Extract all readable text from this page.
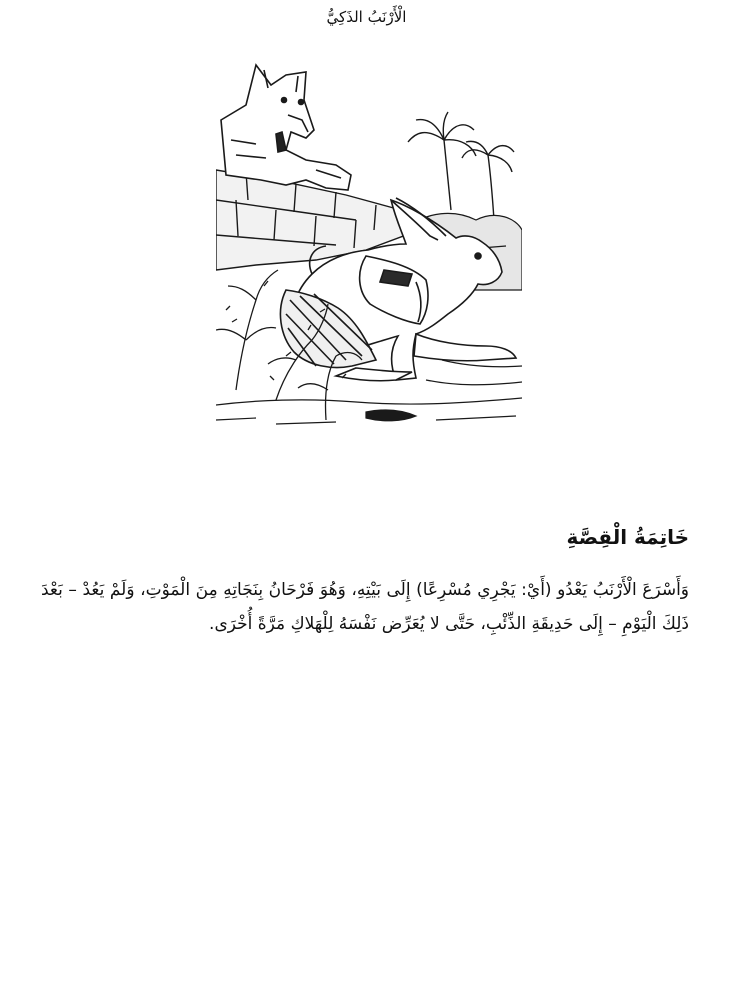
الْأَرْنَبُ الذَكِيُّ
خَاتِمَةُ الْقِصَّةِ

وَأَسْرَعَ الْأَرْنَبُ يَعْدُو (أَيْ: يَجْرِي مُسْرِعًا) إِلَى بَيْتِهِ، وَهُوَ فَرْحَانُ بِنَجَاتِهِ مِنَ الْمَوْتِ، وَلَمْ يَعُدْ – بَعْدَ ذَلِكَ الْيَوْمِ – إِلَى حَدِيقَةِ الذِّئْبِ، حَتَّى لا يُعَرِّض نَفْسَهُ لِلْهَلاكِ مَرَّةً أُخْرَى.
